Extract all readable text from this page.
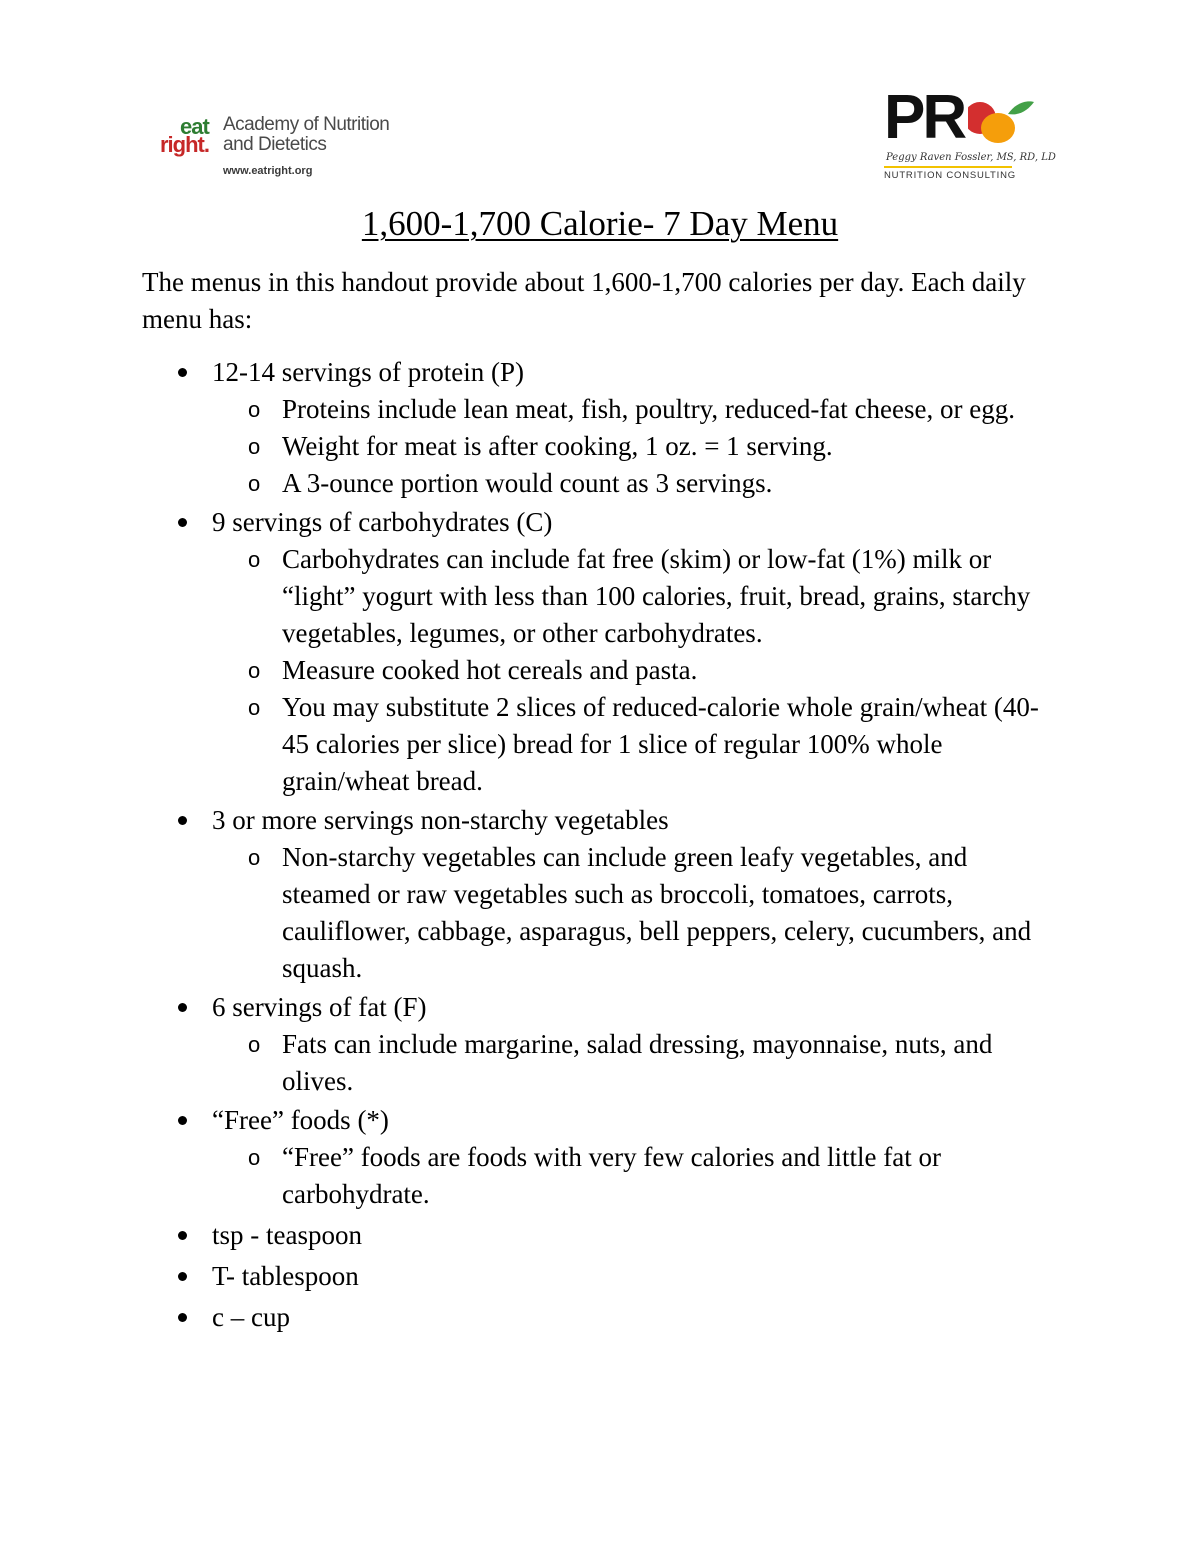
eat
right.
Academy of Nutrition and Dietetics
www.eatright.org
PR
Peggy Raven Fossler, MS, RD, LD
NUTRITION CONSULTING
1,600-1,700 Calorie- 7 Day Menu
The menus in this handout provide about 1,600-1,700 calories per day. Each daily menu has:
12-14 servings of protein (P)
o Proteins include lean meat, fish, poultry, reduced-fat cheese, or egg.
o Weight for meat is after cooking, 1 oz. = 1 serving.
o A 3-ounce portion would count as 3 servings.
9 servings of carbohydrates (C)
o Carbohydrates can include fat free (skim) or low-fat (1%) milk or “light” yogurt with less than 100 calories, fruit, bread, grains, starchy vegetables, legumes, or other carbohydrates.
o Measure cooked hot cereals and pasta.
o You may substitute 2 slices of reduced-calorie whole grain/wheat (40-45 calories per slice) bread for 1 slice of regular 100% whole grain/wheat bread.
3 or more servings non-starchy vegetables
o Non-starchy vegetables can include green leafy vegetables, and steamed or raw vegetables such as broccoli, tomatoes, carrots, cauliflower, cabbage, asparagus, bell peppers, celery, cucumbers, and squash.
6 servings of fat (F)
o Fats can include margarine, salad dressing, mayonnaise, nuts, and olives.
“Free” foods (*)
o “Free” foods are foods with very few calories and little fat or carbohydrate.
tsp - teaspoon
T- tablespoon
c – cup
